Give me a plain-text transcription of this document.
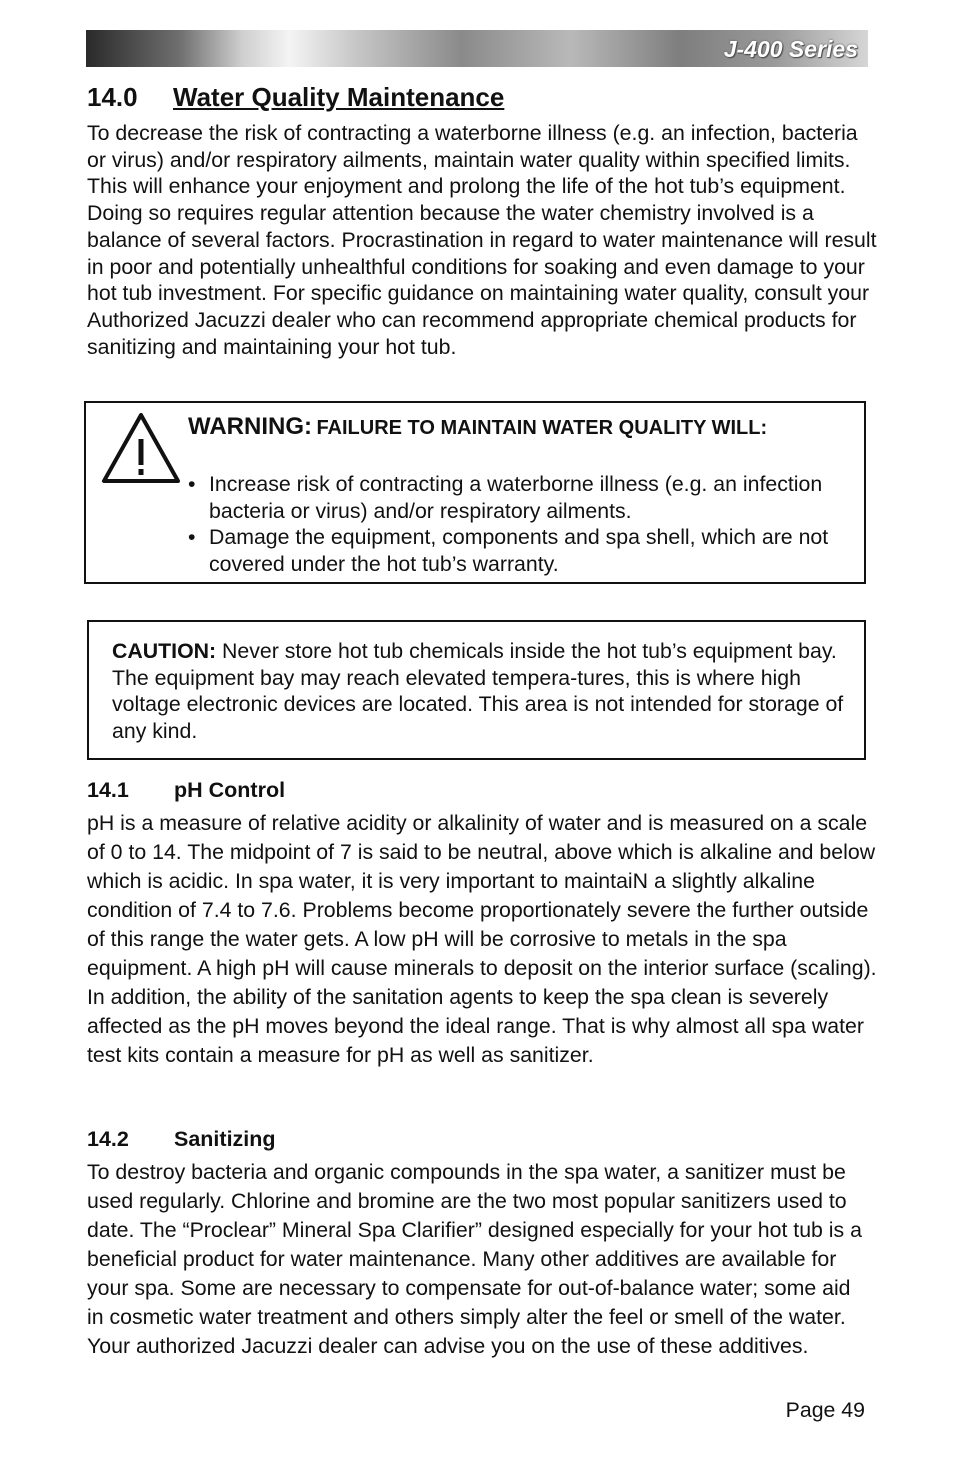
J-400 Series
14.0 Water Quality Maintenance

To decrease the risk of contracting a waterborne illness (e.g. an infection, bacteria or virus) and/or respiratory ailments, maintain water quality within specified limits. This will enhance your enjoyment and prolong the life of the hot tub’s equipment. Doing so requires regular attention because the water chemistry involved is a balance of several factors. Procrastination in regard to water maintenance will result in poor and potentially unhealthful conditions for soaking and even damage to your hot tub investment. For specific guidance on maintaining water quality, consult your Authorized Jacuzzi dealer who can recommend appropriate chemical products for sanitizing and maintaining your hot tub.

WARNING: FAILURE TO MAINTAIN WATER QUALITY WILL:

• Increase risk of contracting a waterborne illness (e.g. an infection bacteria or virus) and/or respiratory ailments.
• Damage the equipment, components and spa shell, which are not covered under the hot tub’s warranty.

CAUTION: Never store hot tub chemicals inside the hot tub’s equipment bay. The equipment bay may reach elevated tempera-tures, this is where high voltage electronic devices are located. This area is not intended for storage of any kind.

14.1 pH Control

pH is a measure of relative acidity or alkalinity of water and is measured on a scale of 0 to 14. The midpoint of 7 is said to be neutral, above which is alkaline and below which is acidic. In spa water, it is very important to maintaiN a slightly alkaline condition of 7.4 to 7.6. Problems become proportionately severe the further outside of this range the water gets. A low pH will be corrosive to metals in the spa equipment. A high pH will cause minerals to deposit on the interior surface (scaling). In addition, the ability of the sanitation agents to keep the spa clean is severely affected as the pH moves beyond the ideal range. That is why almost all spa water test kits contain a measure for pH as well as sanitizer.

14.2 Sanitizing

To destroy bacteria and organic compounds in the spa water, a sanitizer must be used regularly. Chlorine and bromine are the two most popular sanitizers used to date. The “Proclear” Mineral Spa Clarifier” designed especially for your hot tub is a beneficial product for water maintenance. Many other additives are available for your spa. Some are necessary to compensate for out-of-balance water; some aid in cosmetic water treatment and others simply alter the feel or smell of the water. Your authorized Jacuzzi dealer can advise you on the use of these additives.

Page 49
